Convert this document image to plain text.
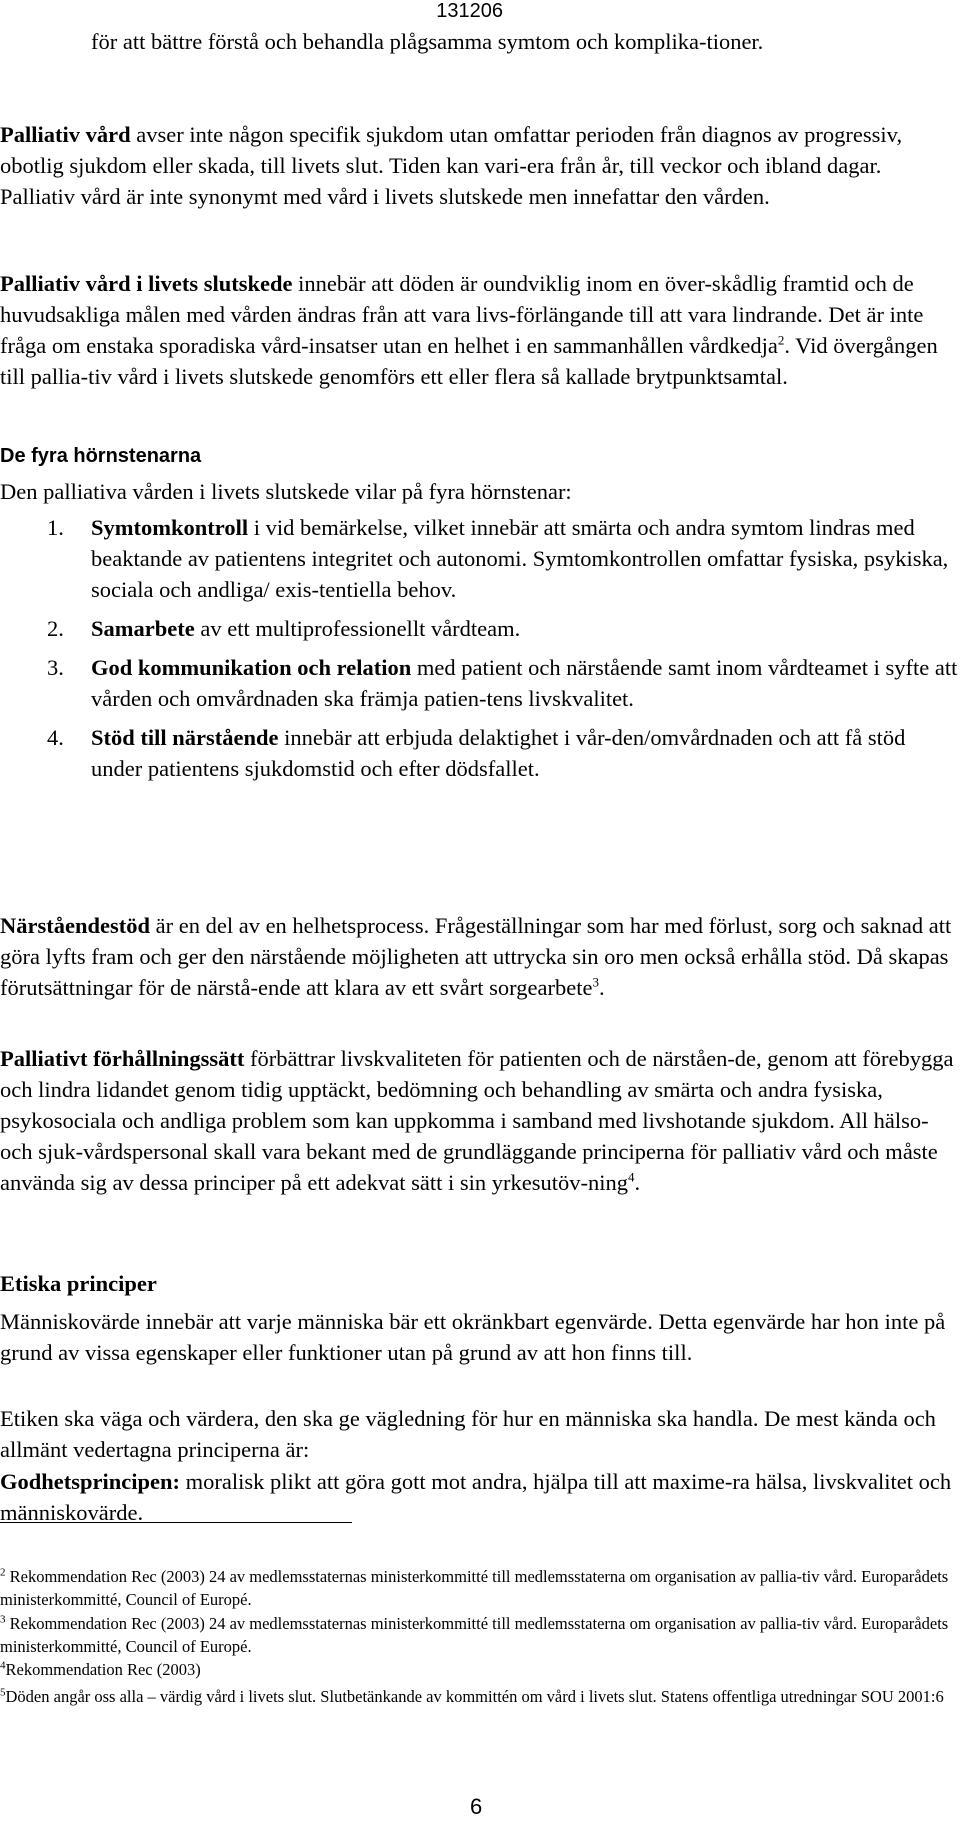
131206

för att bättre förstå och behandla plågsamma symtom och komplika-tioner.

Palliativ vård avser inte någon specifik sjukdom utan omfattar perioden från diagnos av progressiv, obotlig sjukdom eller skada, till livets slut. Tiden kan vari-era från år, till veckor och ibland dagar. Palliativ vård är inte synonymt med vård i livets slutskede men innefattar den vården.

Palliativ vård i livets slutskede innebär att döden är oundviklig inom en över-skådlig framtid och de huvudsakliga målen med vården ändras från att vara livs-förlängande till att vara lindrande. Det är inte fråga om enstaka sporadiska vård-insatser utan en helhet i en sammanhållen vårdkedja$^2$. Vid övergången till pallia-tiv vård i livets slutskede genomförs ett eller flera så kallade brytpunktsamtal.

De fyra hörnstenarna

Den palliativa vården i livets slutskede vilar på fyra hörnstenar:

1. Symtomkontroll i vid bemärkelse, vilket innebär att smärta och andra symtom lindras med beaktande av patientens integritet och autonomi. Symtomkontrollen omfattar fysiska, psykiska, sociala och andliga/ exis-tentiella behov.
2. Samarbete av ett multiprofessionellt vårdteam.
3. God kommunikation och relation med patient och närstående samt inom vårdteamet i syfte att vården och omvårdnaden ska främja patien-tens livskvalitet.
4. Stöd till närstående innebär att erbjuda delaktighet i vår-den/omvårdnaden och att få stöd under patientens sjukdomstid och efter dödsfallet.

Närståendestöd är en del av en helhetsprocess. Frågeställningar som har med förlust, sorg och saknad att göra lyfts fram och ger den närstående möjligheten att uttrycka sin oro men också erhålla stöd. Då skapas förutsättningar för de närstå-ende att klara av ett svårt sorgearbete$^3$.

Palliativt förhållningssätt förbättrar livskvaliteten för patienten och de närståen-de, genom att förebygga och lindra lidandet genom tidig upptäckt, bedömning och behandling av smärta och andra fysiska, psykosociala och andliga problem som kan uppkomma i samband med livshotande sjukdom. All hälso- och sjuk-vårdspersonal skall vara bekant med de grundläggande principerna för palliativ vård och måste använda sig av dessa principer på ett adekvat sätt i sin yrkesutöv-ning$^4$.

Etiska principer

Människovärde innebär att varje människa bär ett okränkbart egenvärde. Detta egenvärde har hon inte på grund av vissa egenskaper eller funktioner utan på grund av att hon finns till.

Etiken ska väga och värdera, den ska ge vägledning för hur en människa ska handla. De mest kända och allmänt vedertagna principerna är:

Godhetsprincipen: moralisk plikt att göra gott mot andra, hjälpa till att maxime-ra hälsa, livskvalitet och människovärde.

$^2$ Rekommendation Rec (2003) 24 av medlemsstaternas ministerkommitté till medlemsstaterna om organisation av pallia-tiv vård. Europarådets ministerkommitté, Council of Europé.

$^3$ Rekommendation Rec (2003) 24 av medlemsstaternas ministerkommitté till medlemsstaterna om organisation av pallia-tiv vård. Europarådets ministerkommitté, Council of Europé.

$^4$Rekommendation Rec (2003)

$^5$Döden angår oss alla – värdig vård i livets slut. Slutbetänkande av kommittén om vård i livets slut. Statens offentliga utredningar SOU 2001:6

6
